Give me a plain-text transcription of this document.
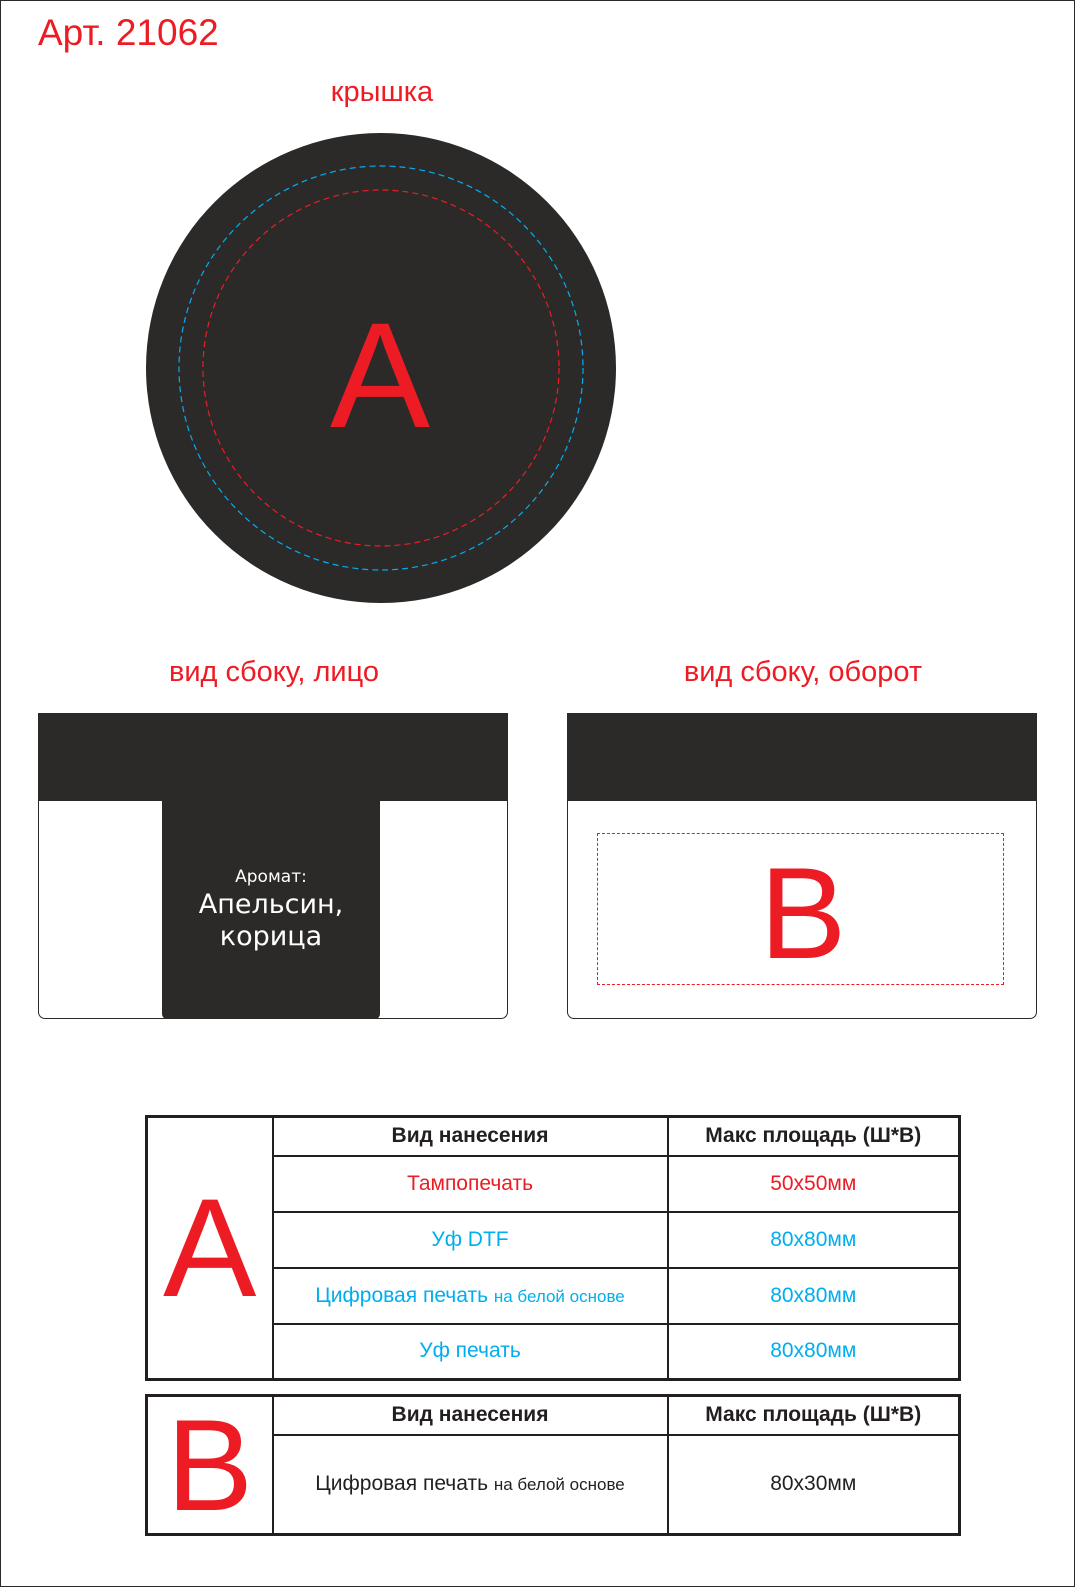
Арт. 21062
крышка
A
вид сбоку, лицо
Аромат:
Апельсин,
корица
вид сбоку, оборот
B
A	Вид нанесения	Макс площадь (Ш*В)
	Тампопечать	50x50мм
	Уф DTF	80x80мм
	Цифровая печать на белой основе	80x80мм
	Уф печать	80x80мм
B	Вид нанесения	Макс площадь (Ш*В)
	Цифровая печать на белой основе	80x30мм
